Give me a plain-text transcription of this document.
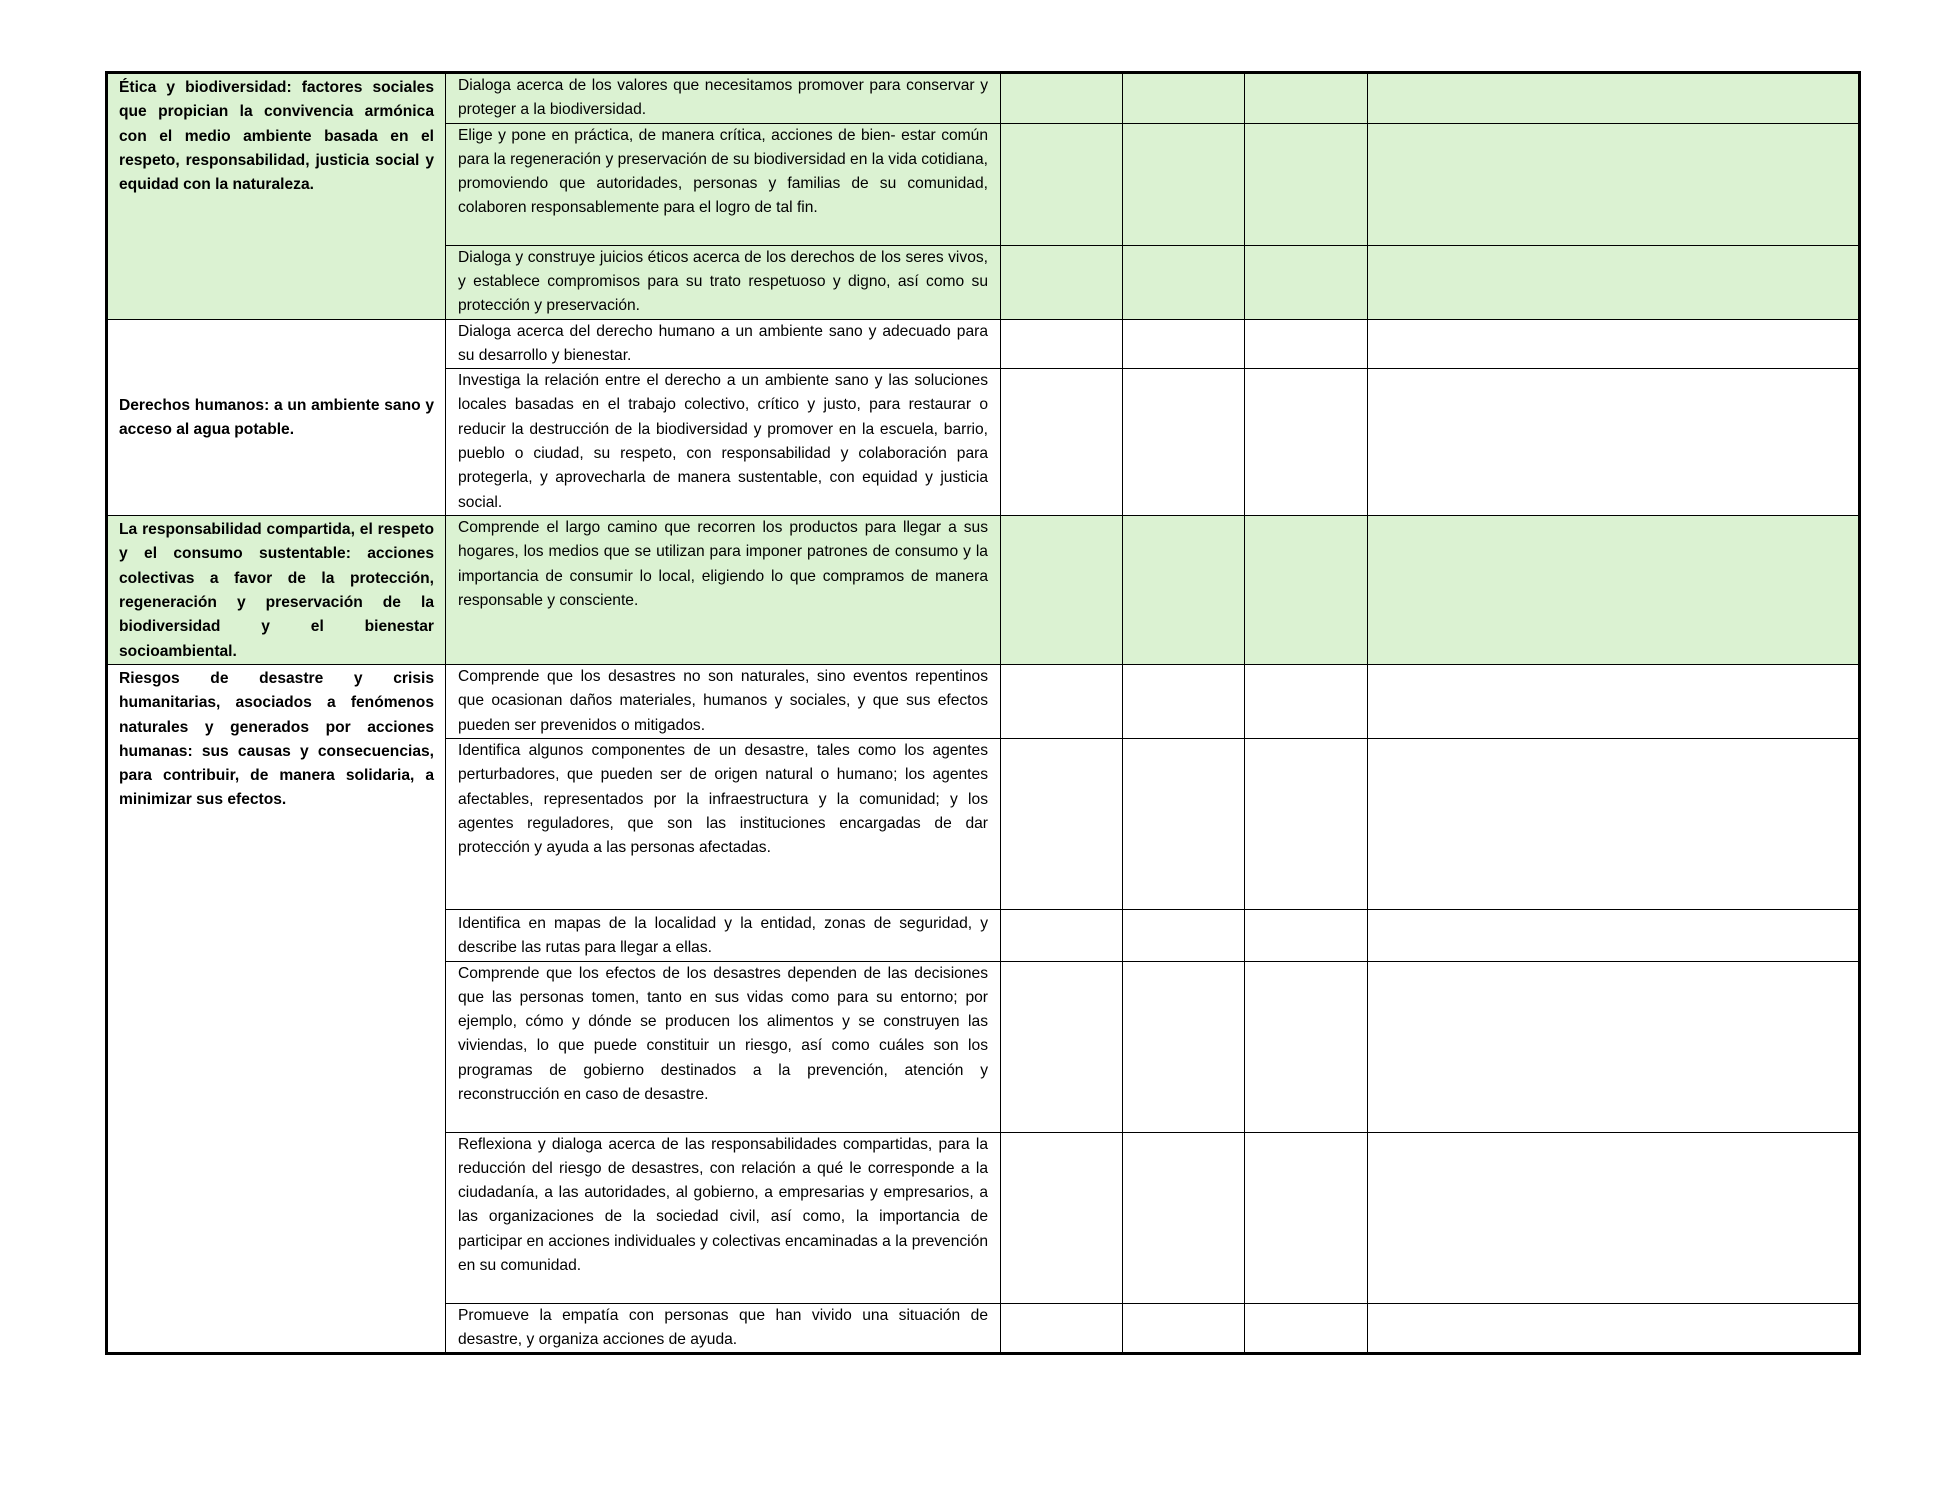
Ética y biodiversidad: factores sociales que propician la convivencia armónica con el medio ambiente basada en el respeto, responsabilidad, justicia social y equidad con la naturaleza.	Dialoga acerca de los valores que necesitamos promover para conservar y proteger a la biodiversidad.				
	Elige y pone en práctica, de manera crítica, acciones de bien- estar común para la regeneración y preservación de su biodiversidad en la vida cotidiana, promoviendo que autoridades, personas y familias de su comunidad, colaboren responsablemente para el logro de tal fin.				
	Dialoga y construye juicios éticos acerca de los derechos de los seres vivos, y establece compromisos para su trato respetuoso y digno, así como su protección y preservación.				
Derechos humanos: a un ambiente sano y acceso al agua potable.	Dialoga acerca del derecho humano a un ambiente sano y adecuado para su desarrollo y bienestar.				
	Investiga la relación entre el derecho a un ambiente sano y las soluciones locales basadas en el trabajo colectivo, crítico y justo, para restaurar o reducir la destrucción de la biodiversidad y promover en la escuela, barrio, pueblo o ciudad, su respeto, con responsabilidad y colaboración para protegerla, y aprovecharla de manera sustentable, con equidad y justicia social.				
La responsabilidad compartida, el respeto y el consumo sustentable: acciones colectivas a favor de la protección, regeneración y preservación de la biodiversidad y el bienestar socioambiental.	Comprende el largo camino que recorren los productos para llegar a sus hogares, los medios que se utilizan para imponer patrones de consumo y la importancia de consumir lo local, eligiendo lo que compramos de manera responsable y consciente.				
Riesgos de desastre y crisis humanitarias, asociados a fenómenos naturales y generados por acciones humanas: sus causas y consecuencias, para contribuir, de manera solidaria, a minimizar sus efectos.	Comprende que los desastres no son naturales, sino eventos repentinos que ocasionan daños materiales, humanos y sociales, y que sus efectos pueden ser prevenidos o mitigados.				
	Identifica algunos componentes de un desastre, tales como los agentes perturbadores, que pueden ser de origen natural o humano; los agentes afectables, representados por la infraestructura y la comunidad; y los agentes reguladores, que son las instituciones encargadas de dar protección y ayuda a las personas afectadas.				
	Identifica en mapas de la localidad y la entidad, zonas de seguridad, y describe las rutas para llegar a ellas.				
	Comprende que los efectos de los desastres dependen de las decisiones que las personas tomen, tanto en sus vidas como para su entorno; por ejemplo, cómo y dónde se producen los alimentos y se construyen las viviendas, lo que puede constituir un riesgo, así como cuáles son los programas de gobierno destinados a la prevención, atención y reconstrucción en caso de desastre.				
	Reflexiona y dialoga acerca de las responsabilidades compartidas, para la reducción del riesgo de desastres, con relación a qué le corresponde a la ciudadanía, a las autoridades, al gobierno, a empresarias y empresarios, a las organizaciones de la sociedad civil, así como, la importancia de participar en acciones individuales y colectivas encaminadas a la prevención en su comunidad.				
	Promueve la empatía con personas que han vivido una situación de desastre, y organiza acciones de ayuda.				
